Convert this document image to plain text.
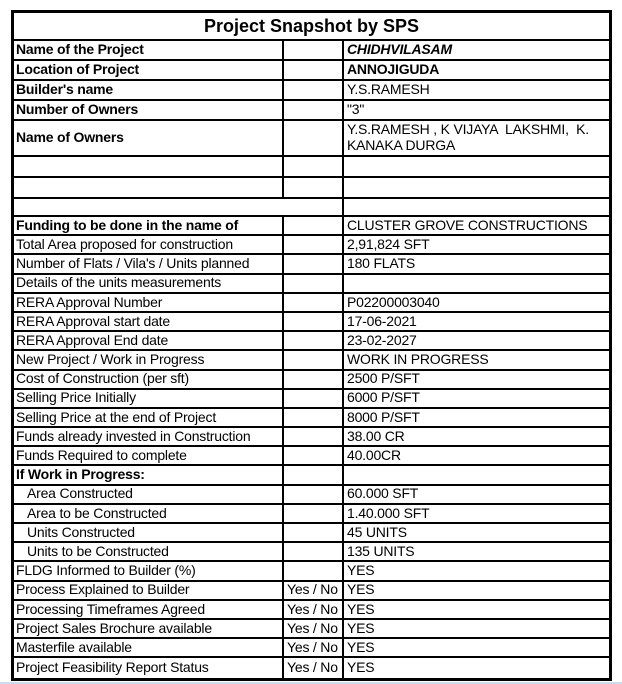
Project Snapshot by SPS
Name of the Project	CHIDHVILASAM
Location of Project	ANNOJIGUDA
Builder's name	Y.S.RAMESH
Number of Owners	"3"
Name of Owners	Y.S.RAMESH , K VIJAYA  LAKSHMI,  K. KANAKA DURGA
Funding to be done in the name of	CLUSTER GROVE CONSTRUCTIONS
Total Area proposed for construction	2,91,824 SFT
Number of Flats / Vila's / Units planned	180 FLATS
Details of the units measurements
RERA Approval Number	P02200003040
RERA Approval start date	17-06-2021
RERA Approval End date	23-02-2027
New Project / Work in Progress	WORK IN PROGRESS
Cost of Construction (per sft)	2500 P/SFT
Selling Price Initially	6000 P/SFT
Selling Price at the end of Project	8000 P/SFT
Funds already invested in Construction	38.00 CR
Funds Required to complete	40.00CR
If Work in Progress:
Area Constructed	60.000 SFT
Area to be Constructed	1.40.000 SFT
Units Constructed	45 UNITS
Units to be Constructed	135 UNITS
FLDG Informed to Builder (%)	YES
Process Explained to Builder	Yes / No YES
Processing Timeframes Agreed	Yes / No YES
Project Sales Brochure available	Yes / No YES
Masterfile available	Yes / No YES
Project Feasibility Report Status	Yes / No YES
